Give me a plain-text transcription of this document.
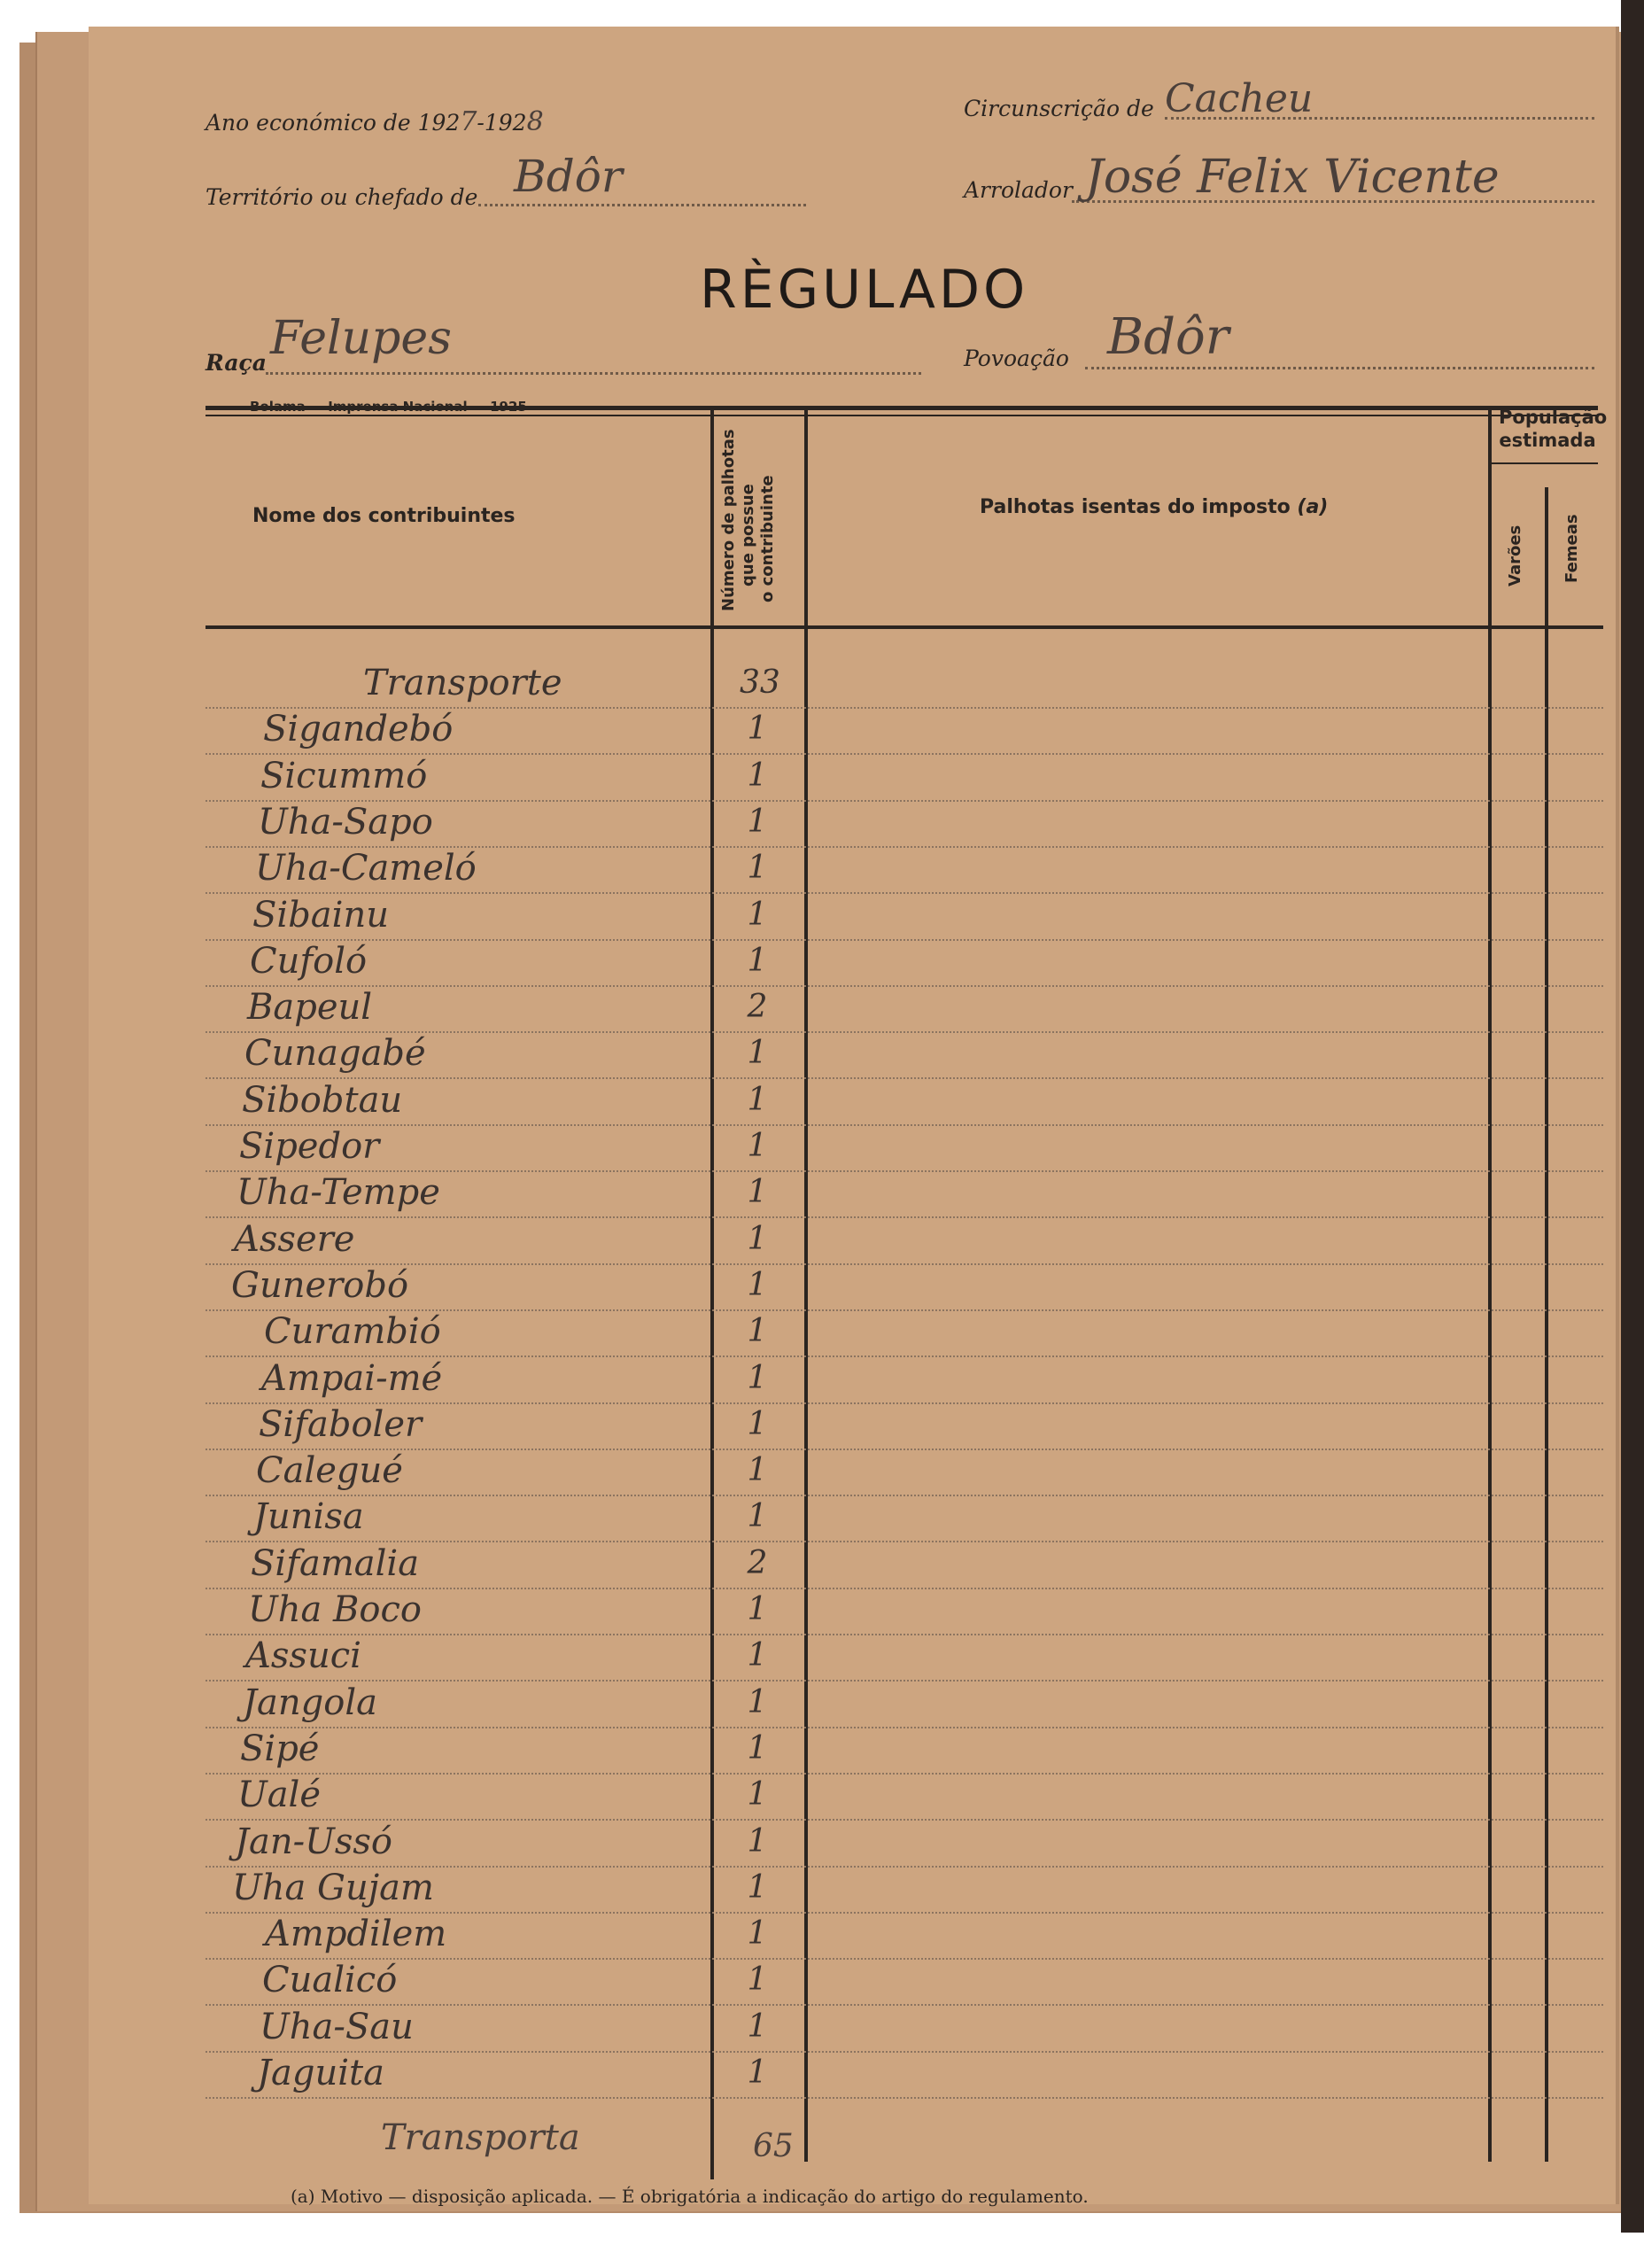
Ano económico de 1927-1928	Circunscrição de Cacheu
Território ou chefado de Bdôr	Arrolador José Felix Vicente
RÈGULADO
Raça Felupes	Povoação Bdôr
Nome dos contribuintes	Número de palhotas que possue o contribuinte	Palhotas isentas do imposto (a)
População
estimada
Varões Femeas
Transporte	33
Sigandebó	1
Sicummó	1
Uha-Sapo	1
Uha-Cameló	1
Sibainu	1
Cufoló	1
Bapeul	2
Cunagabé	1
Sibobtau	1
Sipedor	1
Uha-Tempe	1
Assere	1
Gunerobó	1
Curambió	1
Ampai-mé	1
Sifaboler	1
Calegué	1
Junisa	1
Sifamalia	2
Uha Boco	1
Assuci	1
Jangola	1
Sipé	1
Ualé	1
Jan-Ussó	1
Uha Gujam	1
Ampdilem	1
Cualicó	1
Uha-Sau	1
Jaguita	1
Transporta	65
(a) Motivo — disposição aplicada. — É obrigatória a indicação do artigo do regulamento.
